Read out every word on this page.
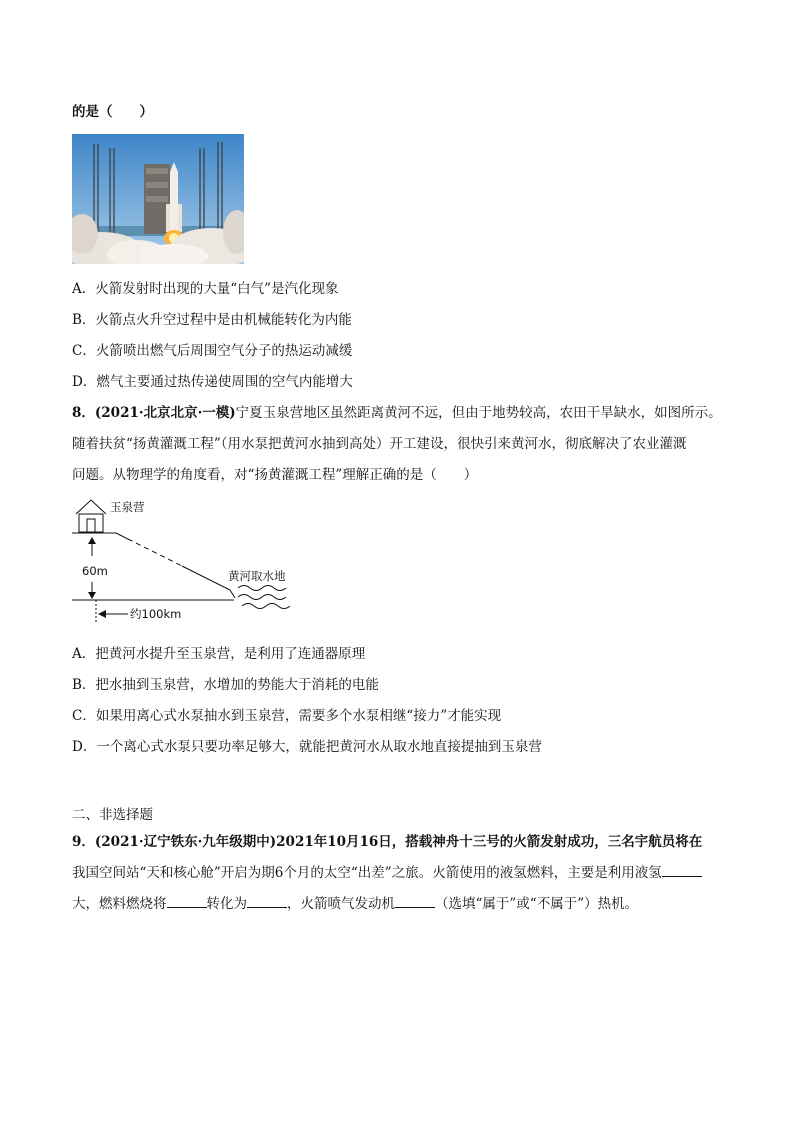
的是（　　）
A．火箭发射时出现的大量“白气”是汽化现象
B．火箭点火升空过程中是由机械能转化为内能
C．火箭喷出燃气后周围空气分子的热运动减缓
D．燃气主要通过热传递使周围的空气内能增大
8．(2021·北京北京·一模)宁夏玉泉营地区虽然距离黄河不远，但由于地势较高，农田干旱缺水，如图所示。
随着扶贫“扬黄灌溉工程”（用水泵把黄河水抽到高处）开工建设，很快引来黄河水，彻底解决了农业灌溉
问题。从物理学的角度看，对“扬黄灌溉工程”理解正确的是（　　）
玉泉营
60m
约100km
黄河取水地
A．把黄河水提升至玉泉营，是利用了连通器原理
B．把水抽到玉泉营，水增加的势能大于消耗的电能
C．如果用离心式水泵抽水到玉泉营，需要多个水泵相继“接力”才能实现
D．一个离心式水泵只要功率足够大，就能把黄河水从取水地直接提抽到玉泉营
二、非选择题
9．(2021·辽宁铁东·九年级期中)2021年10月16日，搭载神舟十三号的火箭发射成功，三名宇航员将在
我国空间站“天和核心舱”开启为期6个月的太空“出差”之旅。火箭使用的液氢燃料，主要是利用液氢
大，燃料燃烧将	转化为	，火箭喷气发动机	（选填“属于”或“不属于”）热机。
